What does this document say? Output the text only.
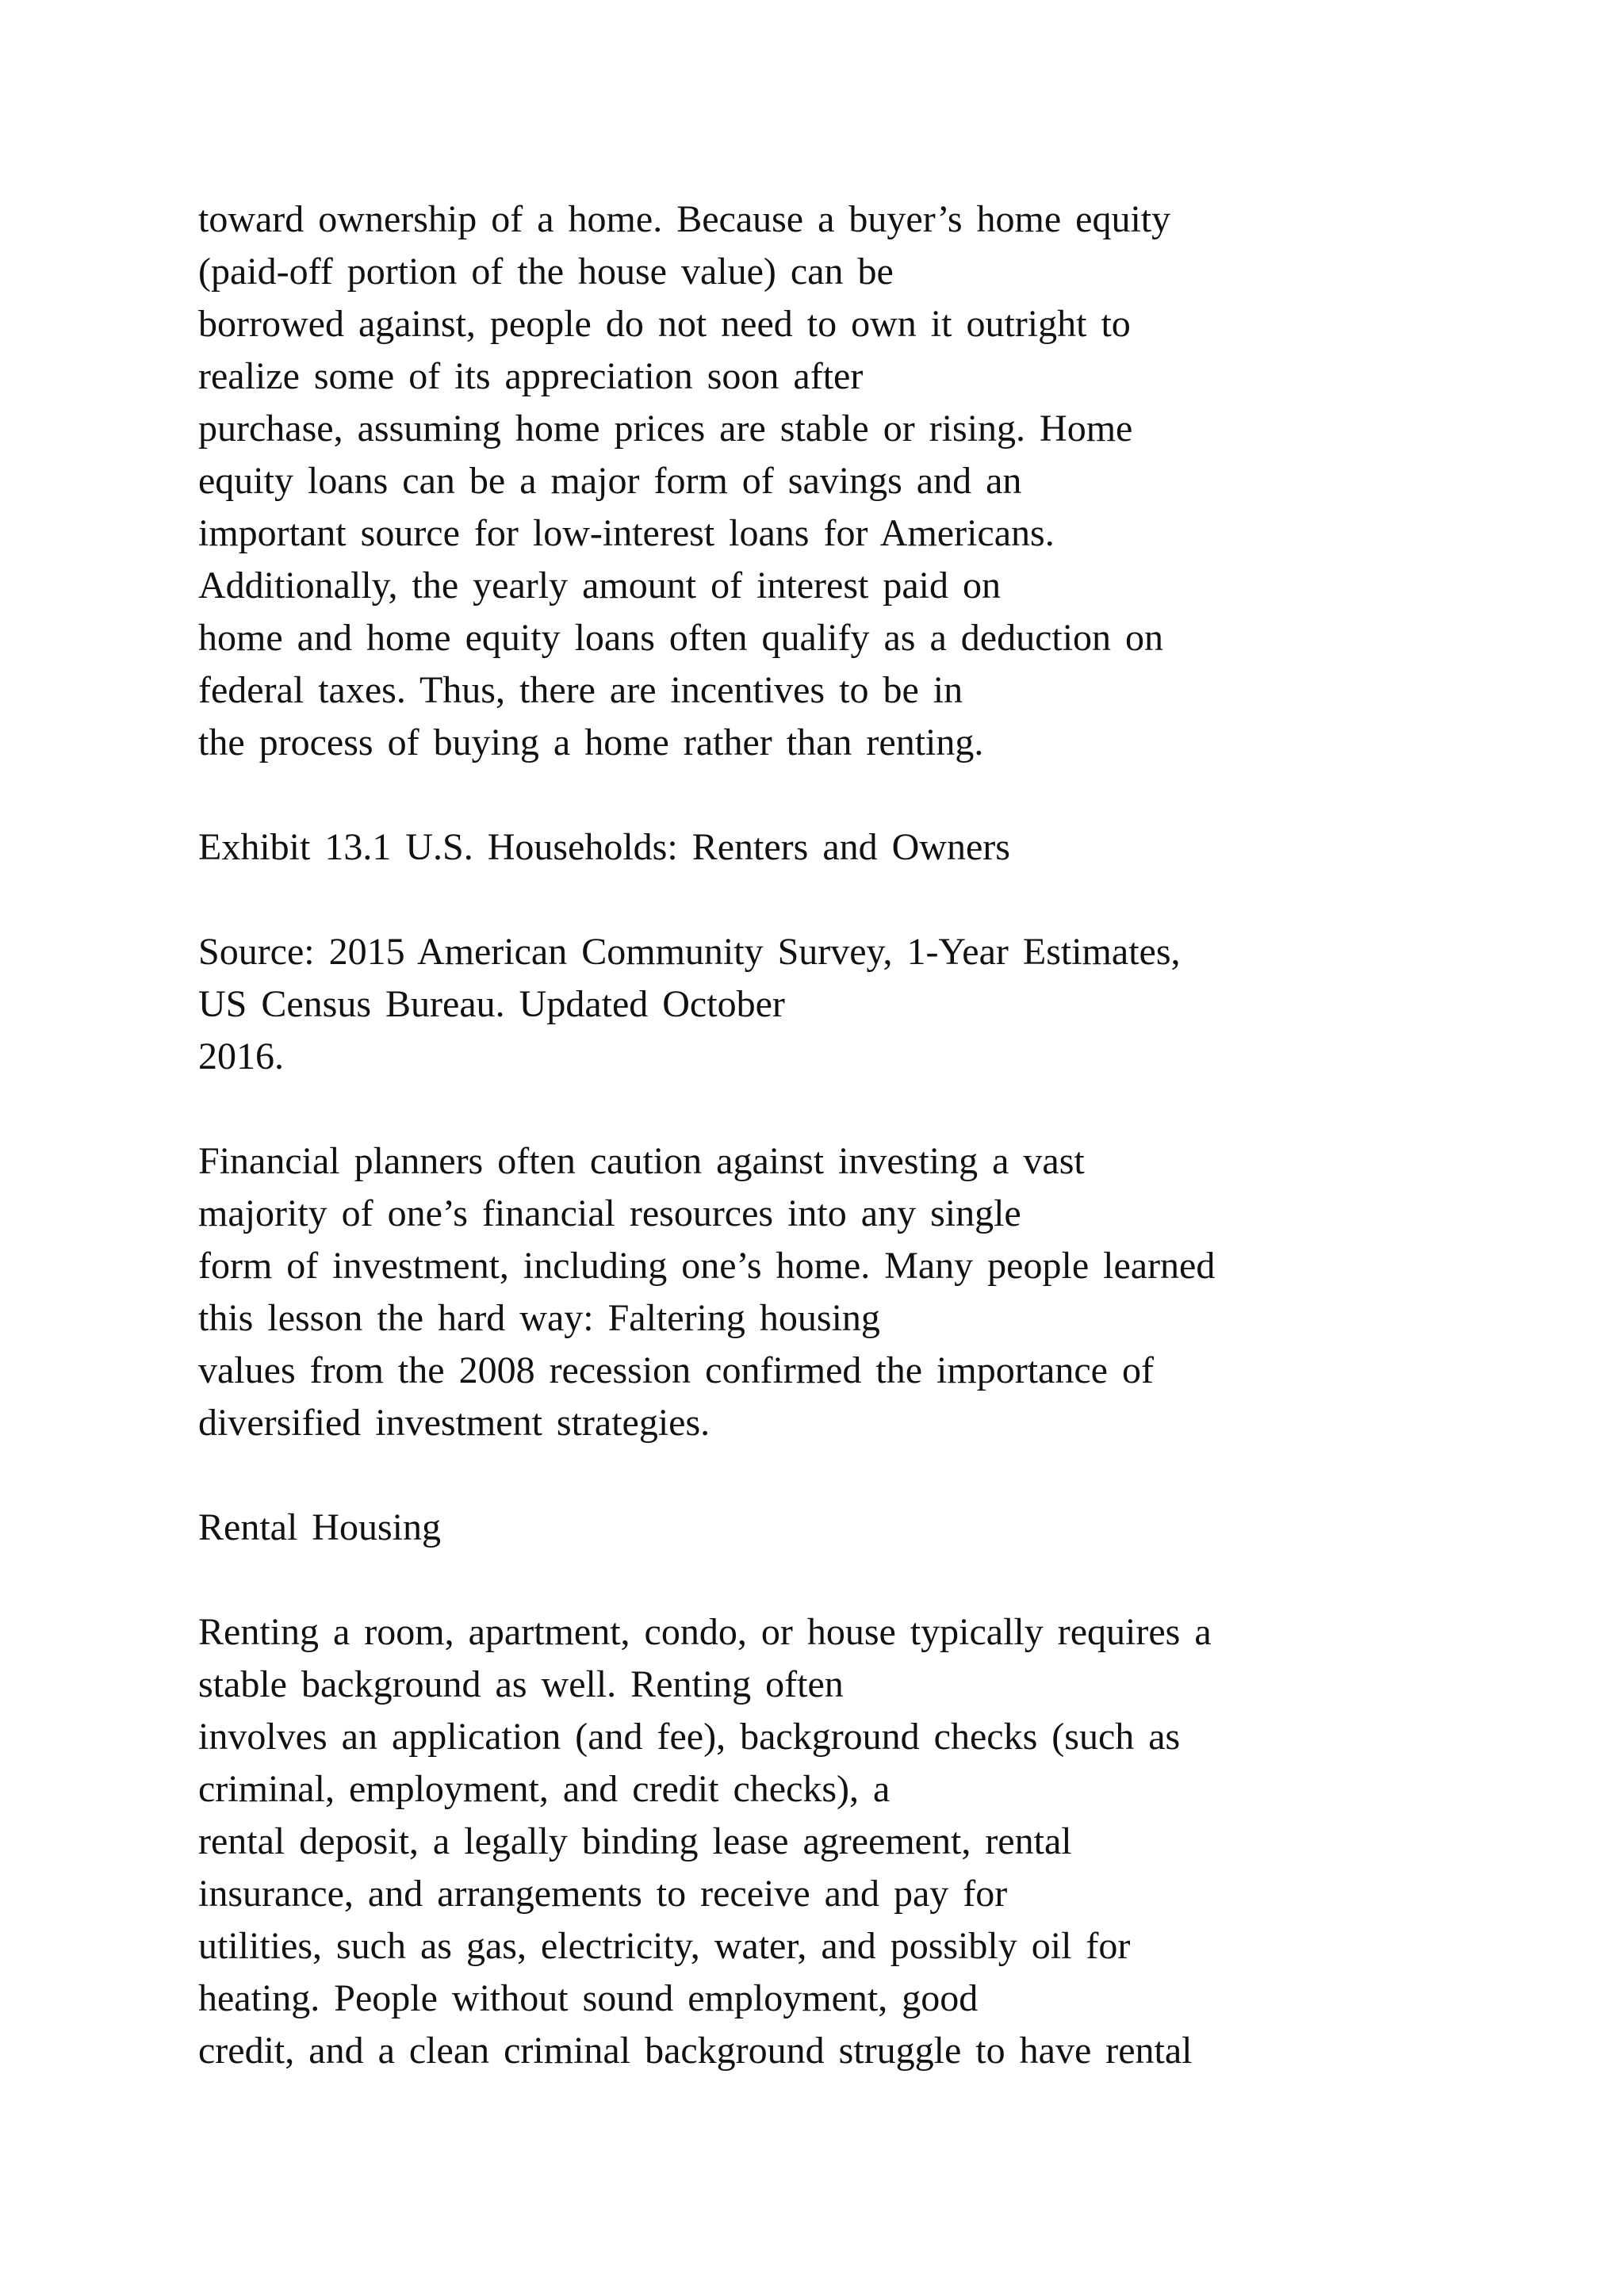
toward ownership of a home. Because a buyer’s home equity
(paid-off portion of the house value) can be
borrowed against, people do not need to own it outright to
realize some of its appreciation soon after
purchase, assuming home prices are stable or rising. Home
equity loans can be a major form of savings and an
important source for low-interest loans for Americans.
Additionally, the yearly amount of interest paid on
home and home equity loans often qualify as a deduction on
federal taxes. Thus, there are incentives to be in
the process of buying a home rather than renting.
Exhibit 13.1 U.S. Households: Renters and Owners
Source: 2015 American Community Survey, 1-Year Estimates,
US Census Bureau. Updated October
2016.
Financial planners often caution against investing a vast
majority of one’s financial resources into any single
form of investment, including one’s home. Many people learned
this lesson the hard way: Faltering housing
values from the 2008 recession confirmed the importance of
diversified investment strategies.
Rental Housing
Renting a room, apartment, condo, or house typically requires a
stable background as well. Renting often
involves an application (and fee), background checks (such as
criminal, employment, and credit checks), a
rental deposit, a legally binding lease agreement, rental
insurance, and arrangements to receive and pay for
utilities, such as gas, electricity, water, and possibly oil for
heating. People without sound employment, good
credit, and a clean criminal background struggle to have rental
